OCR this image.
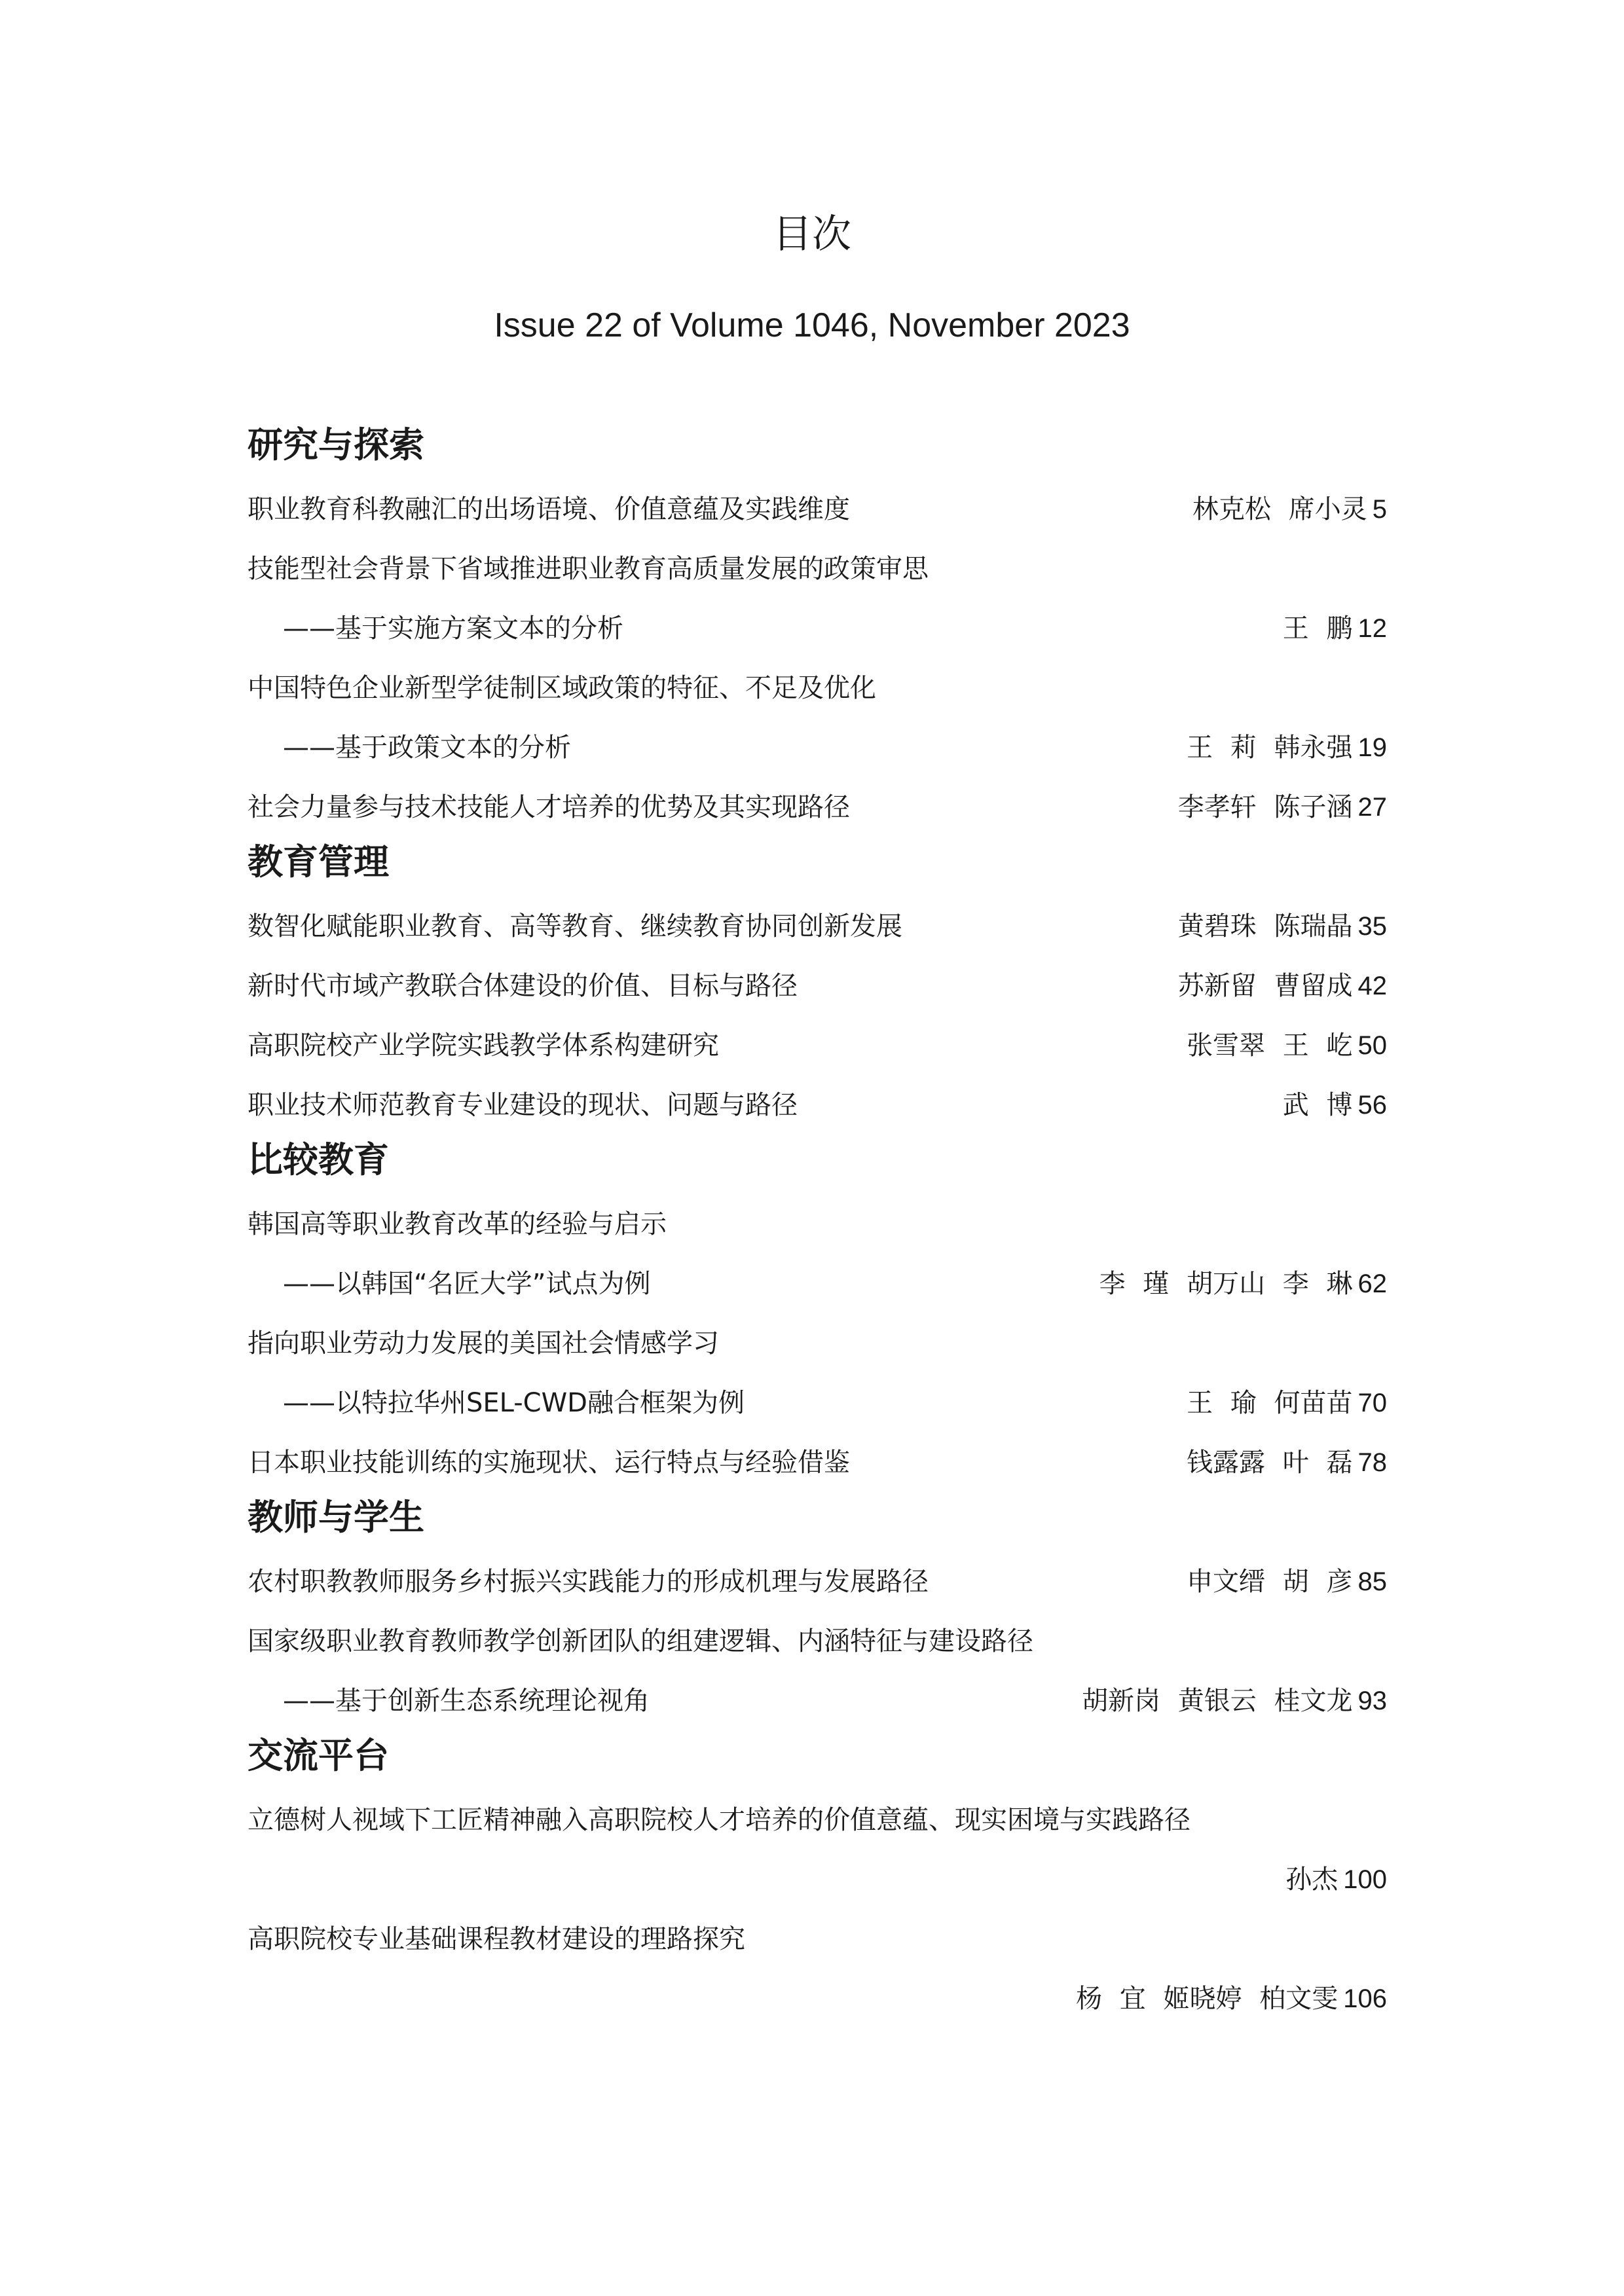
目次
Issue 22 of Volume 1046, November 2023
研究与探索
职业教育科教融汇的出场语境、价值意蕴及实践维度	林克松 席小灵 5
技能型社会背景下省域推进职业教育高质量发展的政策审思
——基于实施方案文本的分析	王 鹏 12
中国特色企业新型学徒制区域政策的特征、不足及优化
——基于政策文本的分析	王 莉 韩永强 19
社会力量参与技术技能人才培养的优势及其实现路径	李孝轩 陈子涵 27
教育管理
数智化赋能职业教育、高等教育、继续教育协同创新发展	黄碧珠 陈瑞晶 35
新时代市域产教联合体建设的价值、目标与路径	苏新留 曹留成 42
高职院校产业学院实践教学体系构建研究	张雪翠 王 屹 50
职业技术师范教育专业建设的现状、问题与路径	武 博 56
比较教育
韩国高等职业教育改革的经验与启示
——以韩国“名匠大学”试点为例	李 瑾 胡万山 李 琳 62
指向职业劳动力发展的美国社会情感学习
——以特拉华州SEL-CWD融合框架为例	王 瑜 何苗苗 70
日本职业技能训练的实施现状、运行特点与经验借鉴	钱露露 叶 磊 78
教师与学生
农村职教教师服务乡村振兴实践能力的形成机理与发展路径	申文缙 胡 彦 85
国家级职业教育教师教学创新团队的组建逻辑、内涵特征与建设路径
——基于创新生态系统理论视角	胡新岗 黄银云 桂文龙 93
交流平台
立德树人视域下工匠精神融入高职院校人才培养的价值意蕴、现实困境与实践路径
孙杰 100
高职院校专业基础课程教材建设的理路探究
杨 宜 姬晓婷 柏文雯 106
